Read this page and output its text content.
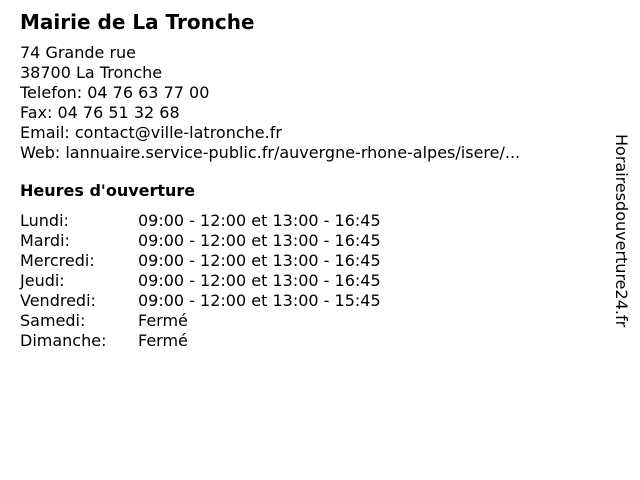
Mairie de La Tronche
74 Grande rue
38700 La Tronche
Telefon: 04 76 63 77 00
Fax: 04 76 51 32 68
Email: contact@ville-latronche.fr
Web: lannuaire.service-public.fr/auvergne-rhone-alpes/isere/...
Heures d'ouverture
Lundi:	09:00 - 12:00 et 13:00 - 16:45
Mardi:	09:00 - 12:00 et 13:00 - 16:45
Mercredi:	09:00 - 12:00 et 13:00 - 16:45
Jeudi:	09:00 - 12:00 et 13:00 - 16:45
Vendredi:	09:00 - 12:00 et 13:00 - 15:45
Samedi:	Fermé
Dimanche:	Fermé
Horairesdouverture24.fr
